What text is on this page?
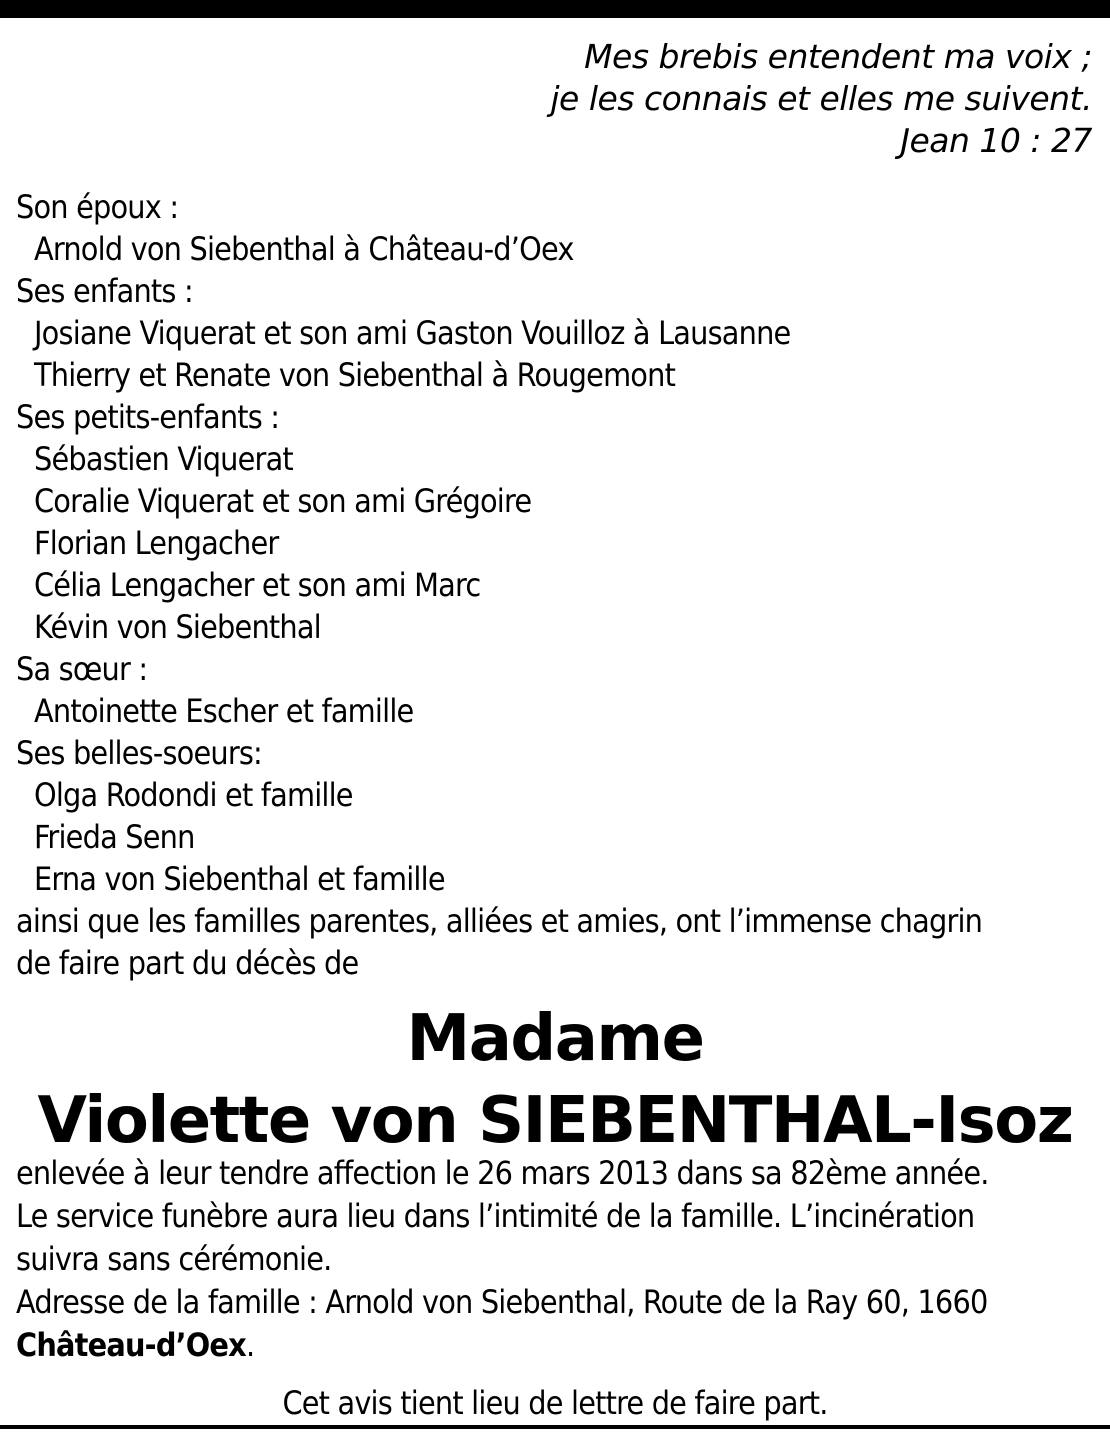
Mes brebis entendent ma voix ;
je les connais et elles me suivent.
Jean 10 : 27
Son époux :
Arnold von Siebenthal à Château-d’Oex
Ses enfants :
Josiane Viquerat et son ami Gaston Vouilloz à Lausanne
Thierry et Renate von Siebenthal à Rougemont
Ses petits-enfants :
Sébastien Viquerat
Coralie Viquerat et son ami Grégoire
Florian Lengacher
Célia Lengacher et son ami Marc
Kévin von Siebenthal
Sa sœur :
Antoinette Escher et famille
Ses belles-soeurs:
Olga Rodondi et famille
Frieda Senn
Erna von Siebenthal et famille
ainsi que les familles parentes, alliées et amies, ont l’immense chagrin
de faire part du décès de
Madame
Violette von SIEBENTHAL-Isoz
enlevée à leur tendre affection le 26 mars 2013 dans sa 82ème année.
Le service funèbre aura lieu dans l’intimité de la famille. L’incinération
suivra sans cérémonie.
Adresse de la famille : Arnold von Siebenthal, Route de la Ray 60, 1660
Château-d’Oex.
Cet avis tient lieu de lettre de faire part.
